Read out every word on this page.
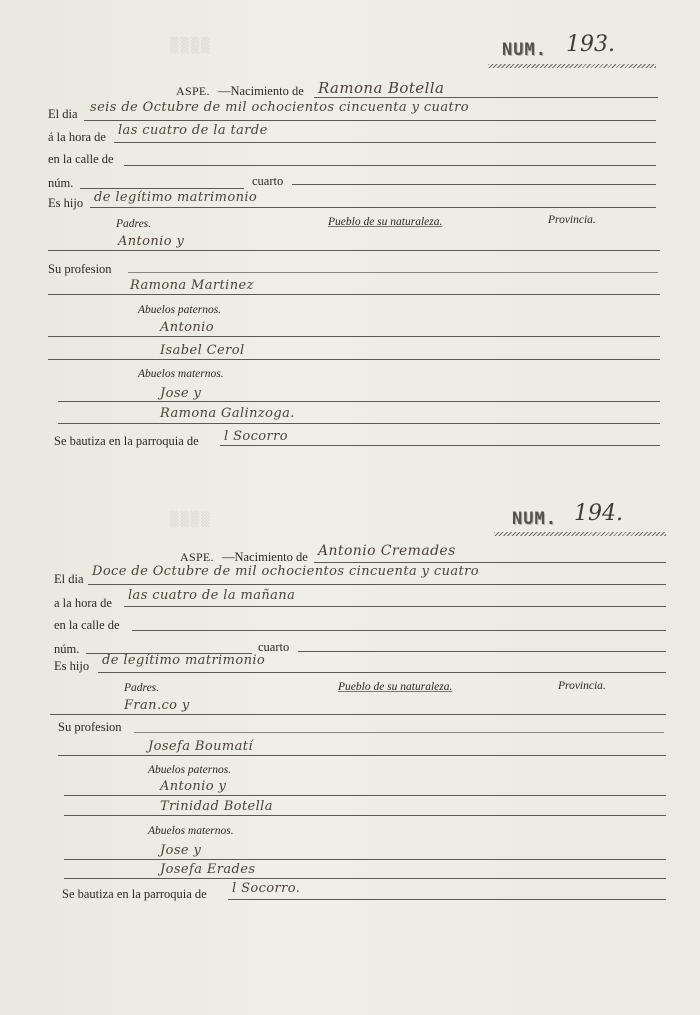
▒▒▒▒
▒▒▒▒
NUM. 193.
ASPE. —Nacimiento de Ramona Botella
El dia seis de Octubre de mil ochocientos cincuenta y cuatro
á la hora de las cuatro de la tarde
en la calle de
núm.	cuarto
Es hijo de legítimo matrimonio
Padres.	Pueblo de su naturaleza.	Provincia.
Antonio y
Su profesion
Ramona Martinez
Abuelos paternos.
Antonio
Isabel Cerol
Abuelos maternos.
Jose y
Ramona Galinzoga.
Se bautiza en la parroquia de l Socorro
NUM. 194.
ASPE. —Nacimiento de Antonio Cremades
El dia Doce de Octubre de mil ochocientos cincuenta y cuatro
a la hora de las cuatro de la mañana
en la calle de
núm.	cuarto
Es hijo de legítimo matrimonio
Padres.	Pueblo de su naturaleza.	Provincia.
Fran.co y
Su profesion
Josefa Boumatí
Abuelos paternos.
Antonio y
Trinidad Botella
Abuelos maternos.
Jose y
Josefa Erades
Se bautiza en la parroquia de l Socorro.
